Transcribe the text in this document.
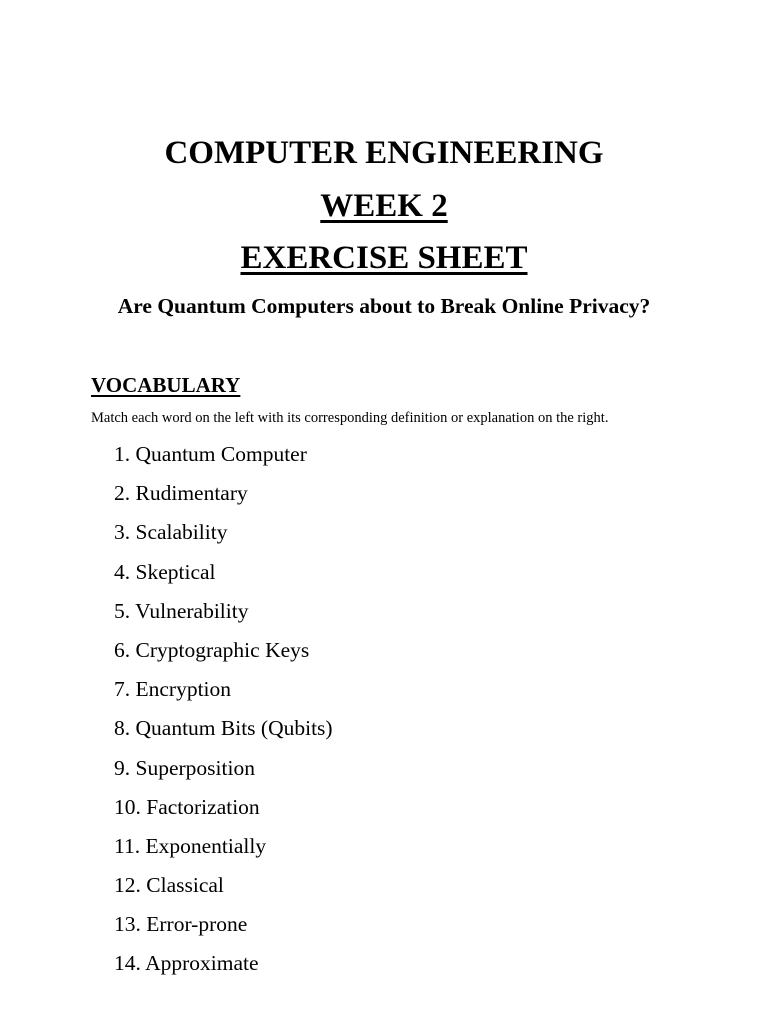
COMPUTER ENGINEERING
WEEK 2
EXERCISE SHEET
Are Quantum Computers about to Break Online Privacy?
VOCABULARY
Match each word on the left with its corresponding definition or explanation on the right.
1. Quantum Computer
2. Rudimentary
3. Scalability
4. Skeptical
5. Vulnerability
6. Cryptographic Keys
7. Encryption
8. Quantum Bits (Qubits)
9. Superposition
10. Factorization
11. Exponentially
12. Classical
13. Error-prone
14. Approximate
